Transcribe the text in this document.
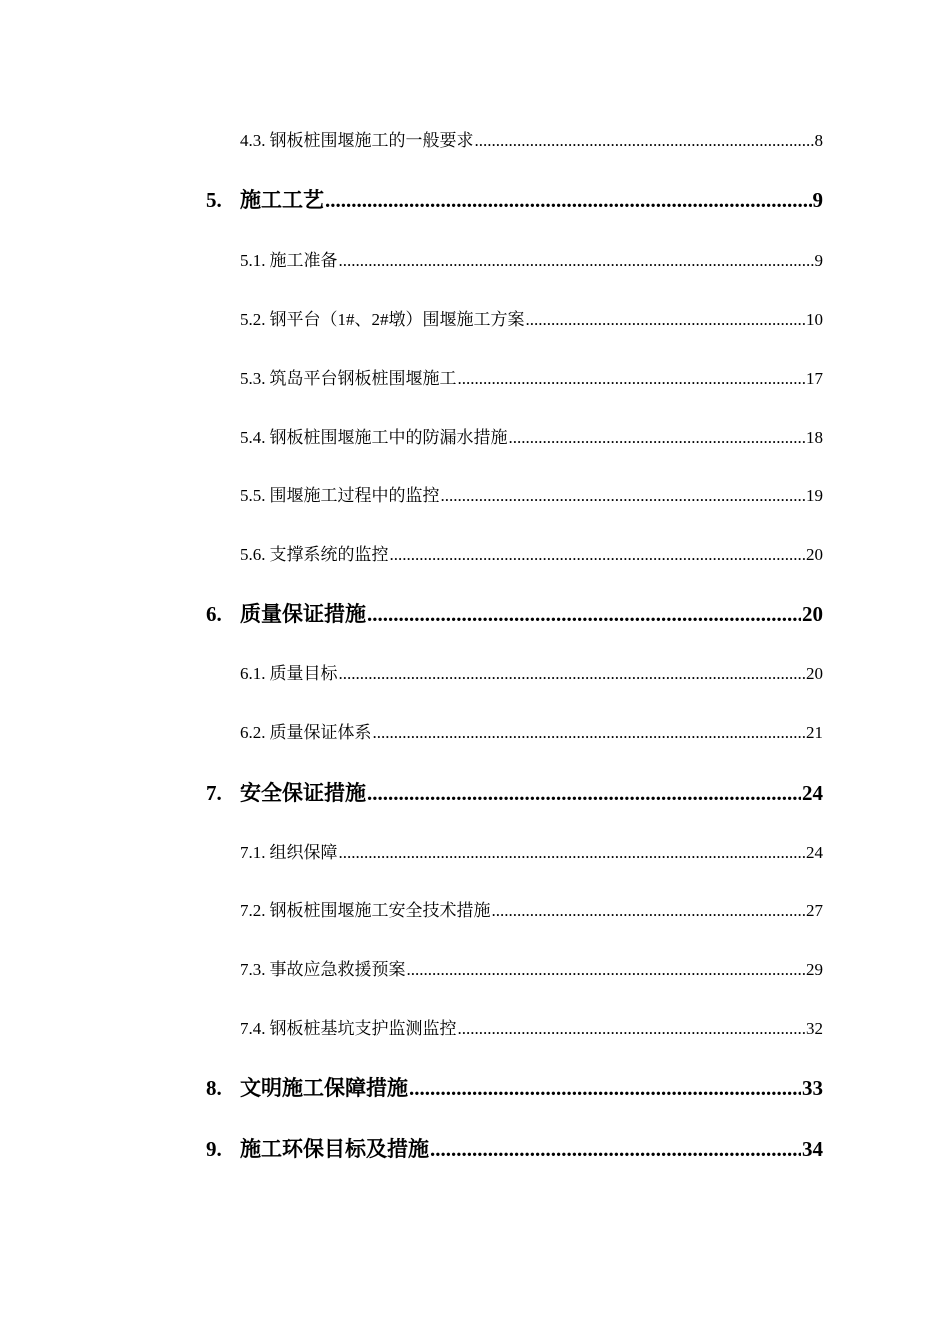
4.3. 钢板桩围堰施工的一般要求 .....	8
5. 施工工艺 .....	9
5.1. 施工准备 .....	9
5.2. 钢平台（1#、2#墩）围堰施工方案 .....	10
5.3. 筑岛平台钢板桩围堰施工 .....	17
5.4. 钢板桩围堰施工中的防漏水措施 .....	18
5.5. 围堰施工过程中的监控 .....	19
5.6. 支撑系统的监控 .....	20
6. 质量保证措施 .....	20
6.1. 质量目标 .....	20
6.2. 质量保证体系 .....	21
7. 安全保证措施 .....	24
7.1. 组织保障 .....	24
7.2. 钢板桩围堰施工安全技术措施 .....	27
7.3. 事故应急救援预案 .....	29
7.4. 钢板桩基坑支护监测监控 .....	32
8. 文明施工保障措施 .....	33
9. 施工环保目标及措施 .....	34
